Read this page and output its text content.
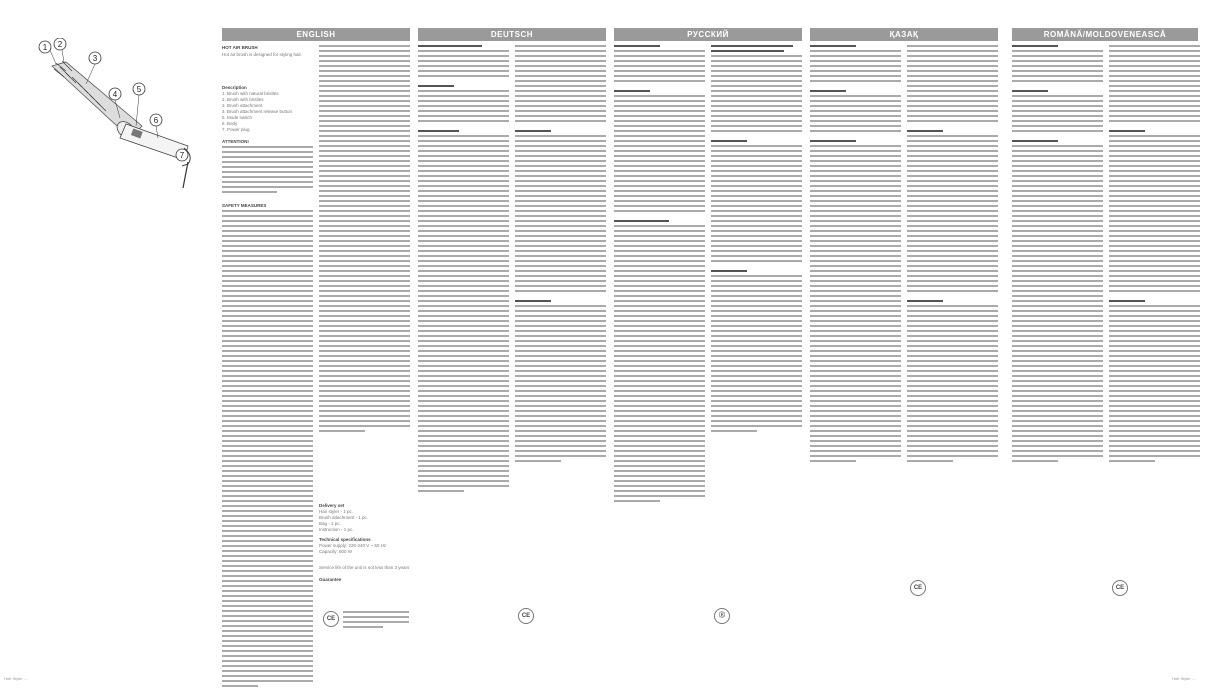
1 2
3
4
5
6
7
ENGLISH
HOT AIR BRUSH
Hot air brush is designed for styling hair.
Description
1. Brush with natural bristles
2. Brush with bristles
3. Brush attachment
4. Brush attachment release button
5. Mode switch
6. Body
7. Power plug
ATTENTION!
SAFETY MEASURES
Delivery set
Hair styler - 1 pc.
Brush attachment - 1 pc.
Bag - 1 pc.
Instruction - 1 pc.
Technical specifications
Power supply: 220-240 V ~ 50 Hz
Capacity: 800 W
Service life of the unit is not less than 3 years
Guarantee
CE
DEUTSCH
CE
РУССКИЙ
Ⓔ
ҚАЗАҚ
CE
ROMÂNĂ/MOLDOVENEASCĂ
CE
Hair Styler ....	Hair Styler ....
